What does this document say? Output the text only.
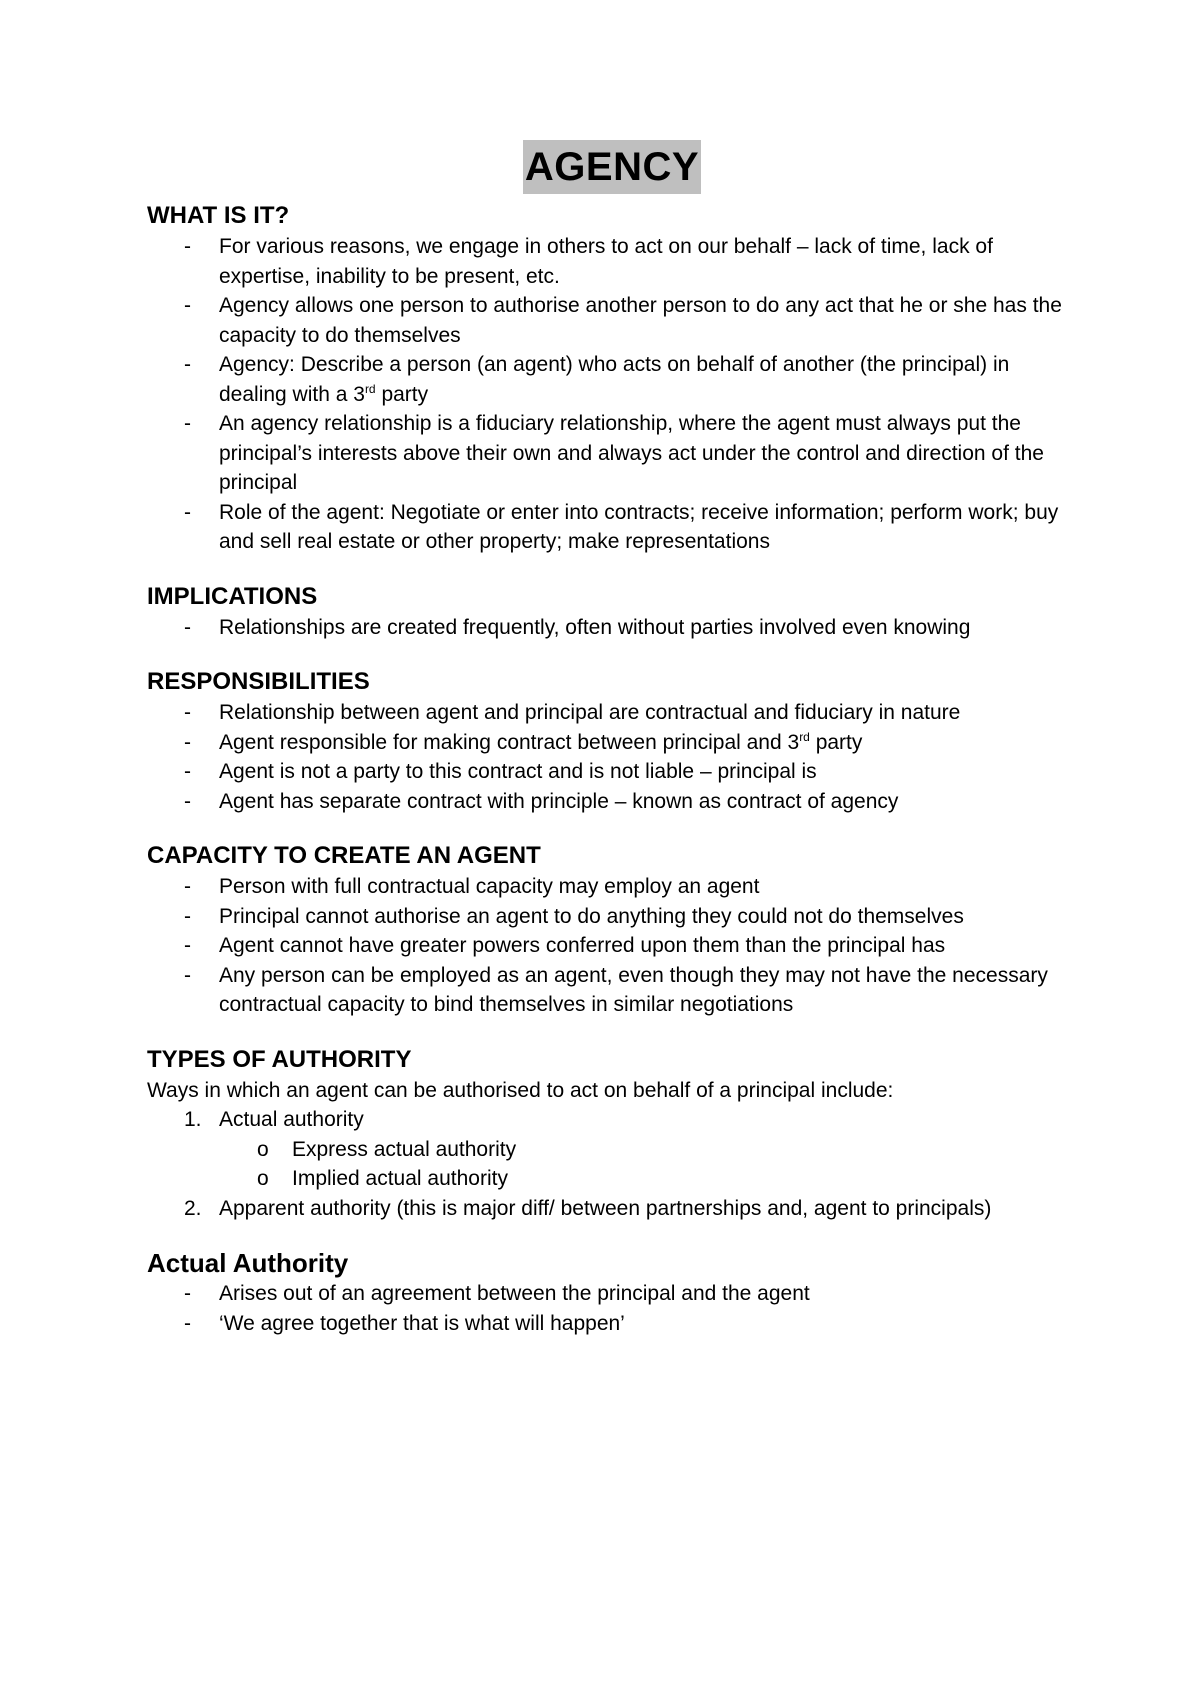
AGENCY
WHAT IS IT?
- For various reasons, we engage in others to act on our behalf – lack of time, lack of expertise, inability to be present, etc.
- Agency allows one person to authorise another person to do any act that he or she has the capacity to do themselves
- Agency: Describe a person (an agent) who acts on behalf of another (the principal) in dealing with a 3rd party
- An agency relationship is a fiduciary relationship, where the agent must always put the principal’s interests above their own and always act under the control and direction of the principal
- Role of the agent: Negotiate or enter into contracts; receive information; perform work; buy and sell real estate or other property; make representations
IMPLICATIONS
- Relationships are created frequently, often without parties involved even knowing
RESPONSIBILITIES
- Relationship between agent and principal are contractual and fiduciary in nature
- Agent responsible for making contract between principal and 3rd party
- Agent is not a party to this contract and is not liable – principal is
- Agent has separate contract with principle – known as contract of agency
CAPACITY TO CREATE AN AGENT
- Person with full contractual capacity may employ an agent
- Principal cannot authorise an agent to do anything they could not do themselves
- Agent cannot have greater powers conferred upon them than the principal has
- Any person can be employed as an agent, even though they may not have the necessary contractual capacity to bind themselves in similar negotiations
TYPES OF AUTHORITY

Ways in which an agent can be authorised to act on behalf of a principal include:

1. Actual authority
o Express actual authority
o Implied actual authority
2. Apparent authority (this is major diff/ between partnerships and, agent to principals)
Actual Authority
- Arises out of an agreement between the principal and the agent
- ‘We agree together that is what will happen’
